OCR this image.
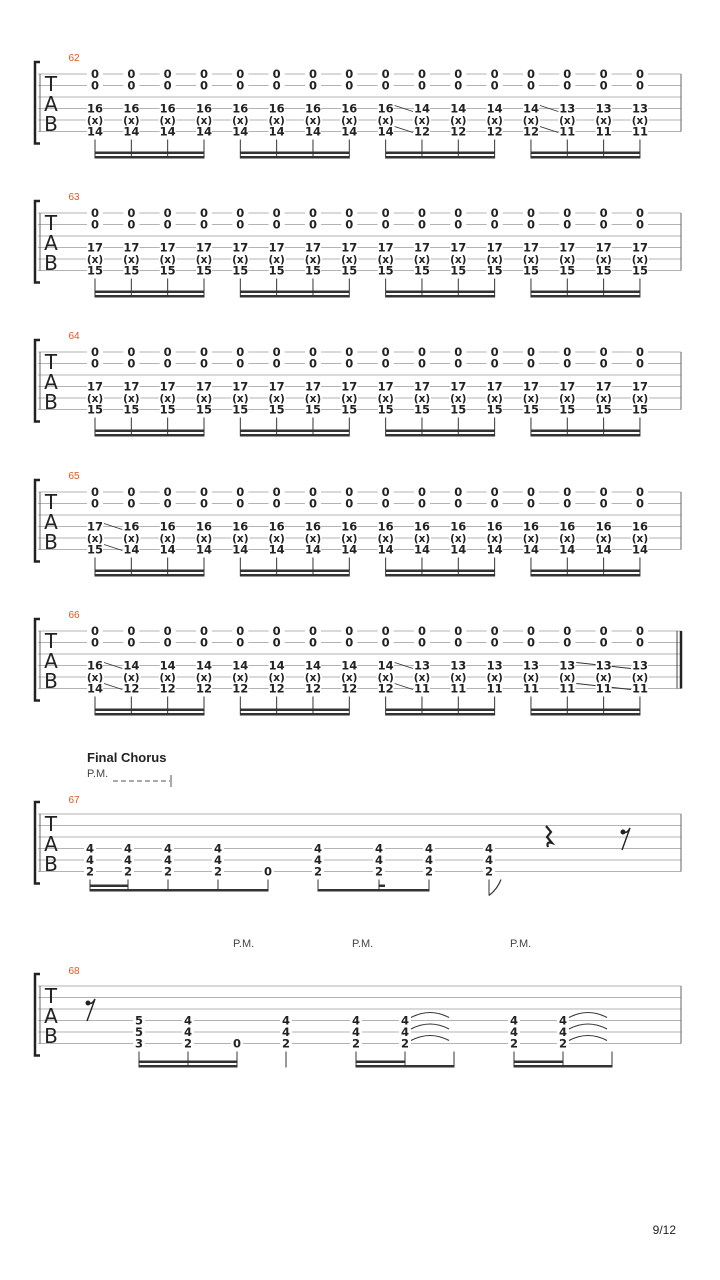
T
A
B
62
0
0
16
(x)
14
0
0
16
(x)
14
0
0
16
(x)
14
0
0
16
(x)
14
0
0
16
(x)
14
0
0
16
(x)
14
0
0
16
(x)
14
0
0
16
(x)
14
0
0
16
(x)
14
0
0
14
(x)
12
0
0
14
(x)
12
0
0
14
(x)
12
0
0
14
(x)
12
0
0
13
(x)
11
0
0
13
(x)
11
0
0
13
(x)
11
T
A
B
63
0
0
17
(x)
15
0
0
17
(x)
15
0
0
17
(x)
15
0
0
17
(x)
15
0
0
17
(x)
15
0
0
17
(x)
15
0
0
17
(x)
15
0
0
17
(x)
15
0
0
17
(x)
15
0
0
17
(x)
15
0
0
17
(x)
15
0
0
17
(x)
15
0
0
17
(x)
15
0
0
17
(x)
15
0
0
17
(x)
15
0
0
17
(x)
15
T
A
B
64
0
0
17
(x)
15
0
0
17
(x)
15
0
0
17
(x)
15
0
0
17
(x)
15
0
0
17
(x)
15
0
0
17
(x)
15
0
0
17
(x)
15
0
0
17
(x)
15
0
0
17
(x)
15
0
0
17
(x)
15
0
0
17
(x)
15
0
0
17
(x)
15
0
0
17
(x)
15
0
0
17
(x)
15
0
0
17
(x)
15
0
0
17
(x)
15
T
A
B
65
0
0
17
(x)
15
0
0
16
(x)
14
0
0
16
(x)
14
0
0
16
(x)
14
0
0
16
(x)
14
0
0
16
(x)
14
0
0
16
(x)
14
0
0
16
(x)
14
0
0
16
(x)
14
0
0
16
(x)
14
0
0
16
(x)
14
0
0
16
(x)
14
0
0
16
(x)
14
0
0
16
(x)
14
0
0
16
(x)
14
0
0
16
(x)
14
T
A
B
66
0
0
16
(x)
14
0
0
14
(x)
12
0
0
14
(x)
12
0
0
14
(x)
12
0
0
14
(x)
12
0
0
14
(x)
12
0
0
14
(x)
12
0
0
14
(x)
12
0
0
14
(x)
12
0
0
13
(x)
11
0
0
13
(x)
11
0
0
13
(x)
11
0
0
13
(x)
11
0
0
13
(x)
11
0
0
13
(x)
11
0
0
13
(x)
11
T
A
B
Final Chorus
P.M.
67
4
4
2
4
4
2
4
4
2
4
4
2	0
4
4
2
4
4
2
4
4
2
4
4
2
T
A
B
68
P.M.	P.M.	P.M.
5
5
3
4
4
2	0
4
4
2
4
4
2
4
4
2
4
4
2
4
4
2
9/12
